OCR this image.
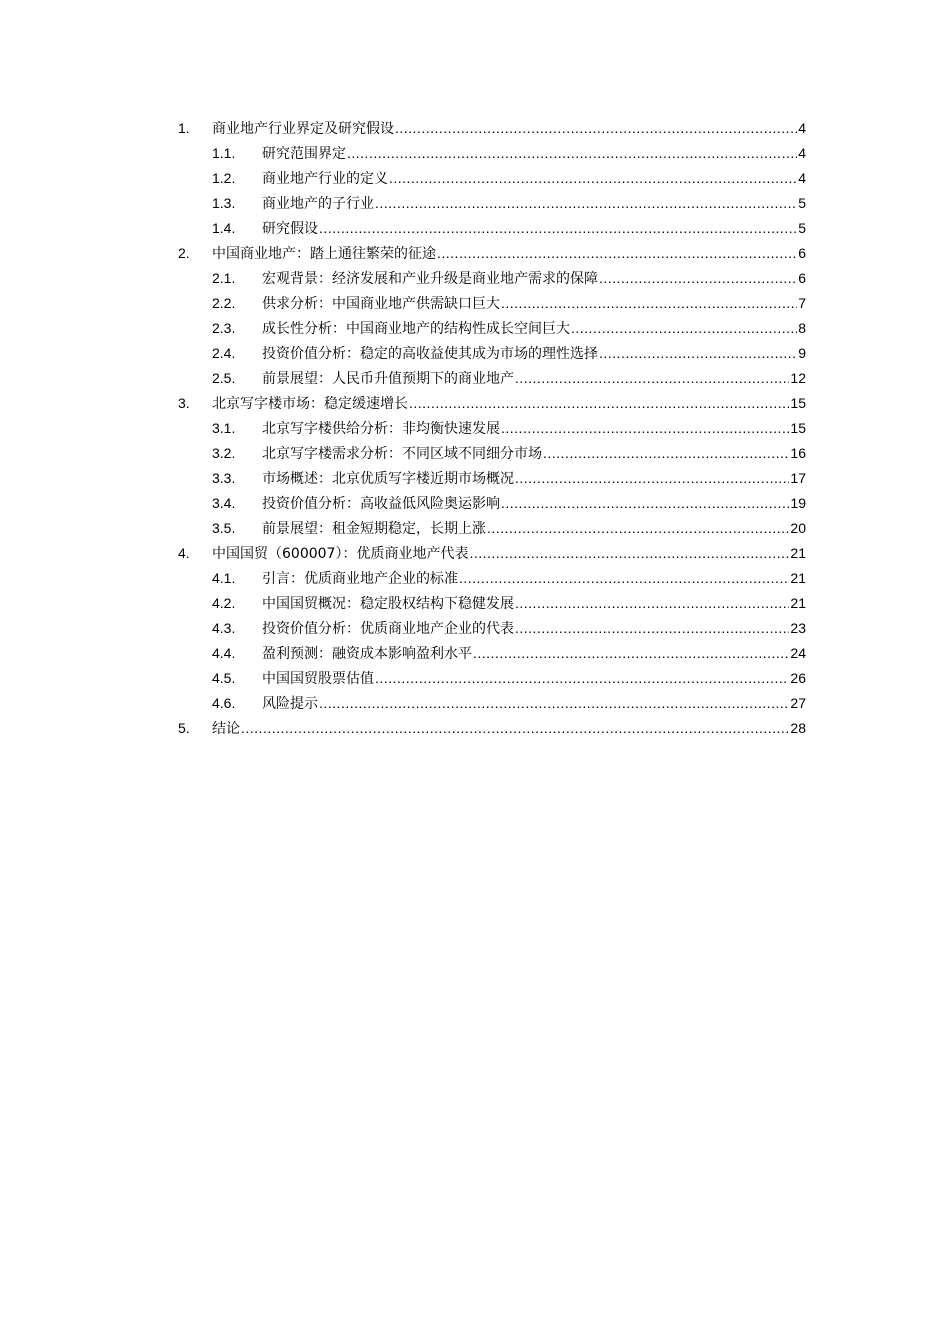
1.	商业地产行业界定及研究假设 .....	4
1.1.	研究范围界定 .....	4
1.2.	商业地产行业的定义 .....	4
1.3.	商业地产的子行业 .....	5
1.4.	研究假设 .....	5
2.	中国商业地产：踏上通往繁荣的征途 .....	6
2.1.	宏观背景：经济发展和产业升级是商业地产需求的保障 .....	6
2.2.	供求分析：中国商业地产供需缺口巨大 .....	7
2.3.	成长性分析：中国商业地产的结构性成长空间巨大 .....	8
2.4.	投资价值分析：稳定的高收益使其成为市场的理性选择 .....	9
2.5.	前景展望：人民币升值预期下的商业地产 .....	12
3.	北京写字楼市场：稳定缓速增长 .....	15
3.1.	北京写字楼供给分析：非均衡快速发展 .....	15
3.2.	北京写字楼需求分析：不同区域不同细分市场 .....	16
3.3.	市场概述：北京优质写字楼近期市场概况 .....	17
3.4.	投资价值分析：高收益低风险奥运影响 .....	19
3.5.	前景展望：租金短期稳定，长期上涨 .....	20
4.	中国国贸（600007）：优质商业地产代表 .....	21
4.1.	引言：优质商业地产企业的标准 .....	21
4.2.	中国国贸概况：稳定股权结构下稳健发展 .....	21
4.3.	投资价值分析：优质商业地产企业的代表 .....	23
4.4.	盈利预测：融资成本影响盈利水平 .....	24
4.5.	中国国贸股票估值 .....	26
4.6.	风险提示 .....	27
5.	结论 .....	28
